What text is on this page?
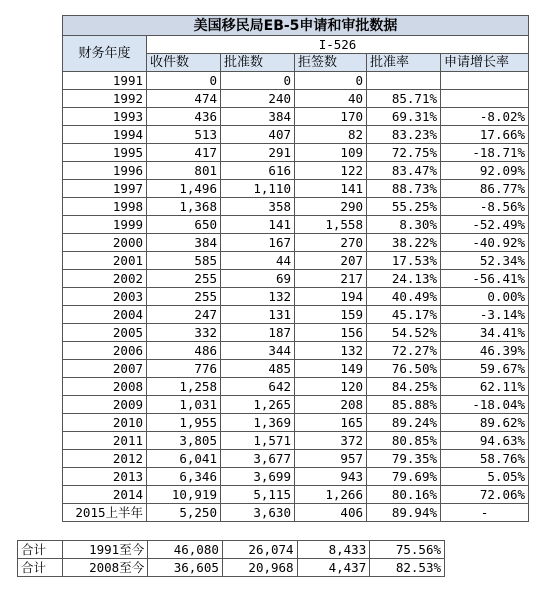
美国移民局EB-5申请和审批数据					
财务年度	I-526				
	收件数	批准数	拒签数	批准率	申请增长率
1991	0	0	0		
1992	474	240	40	85.71%	
1993	436	384	170	69.31%	-8.02%
1994	513	407	82	83.23%	17.66%
1995	417	291	109	72.75%	-18.71%
1996	801	616	122	83.47%	92.09%
1997	1,496	1,110	141	88.73%	86.77%
1998	1,368	358	290	55.25%	-8.56%
1999	650	141	1,558	8.30%	-52.49%
2000	384	167	270	38.22%	-40.92%
2001	585	44	207	17.53%	52.34%
2002	255	69	217	24.13%	-56.41%
2003	255	132	194	40.49%	0.00%
2004	247	131	159	45.17%	-3.14%
2005	332	187	156	54.52%	34.41%
2006	486	344	132	72.27%	46.39%
2007	776	485	149	76.50%	59.67%
2008	1,258	642	120	84.25%	62.11%
2009	1,031	1,265	208	85.88%	-18.04%
2010	1,955	1,369	165	89.24%	89.62%
2011	3,805	1,571	372	80.85%	94.63%
2012	6,041	3,677	957	79.35%	58.76%
2013	6,346	3,699	943	79.69%	5.05%
2014	10,919	5,115	1,266	80.16%	72.06%
2015上半年	5,250	3,630	406	89.94%	-
合计	1991至今	46,080	26,074	8,433	75.56%
合计	2008至今	36,605	20,968	4,437	82.53%
